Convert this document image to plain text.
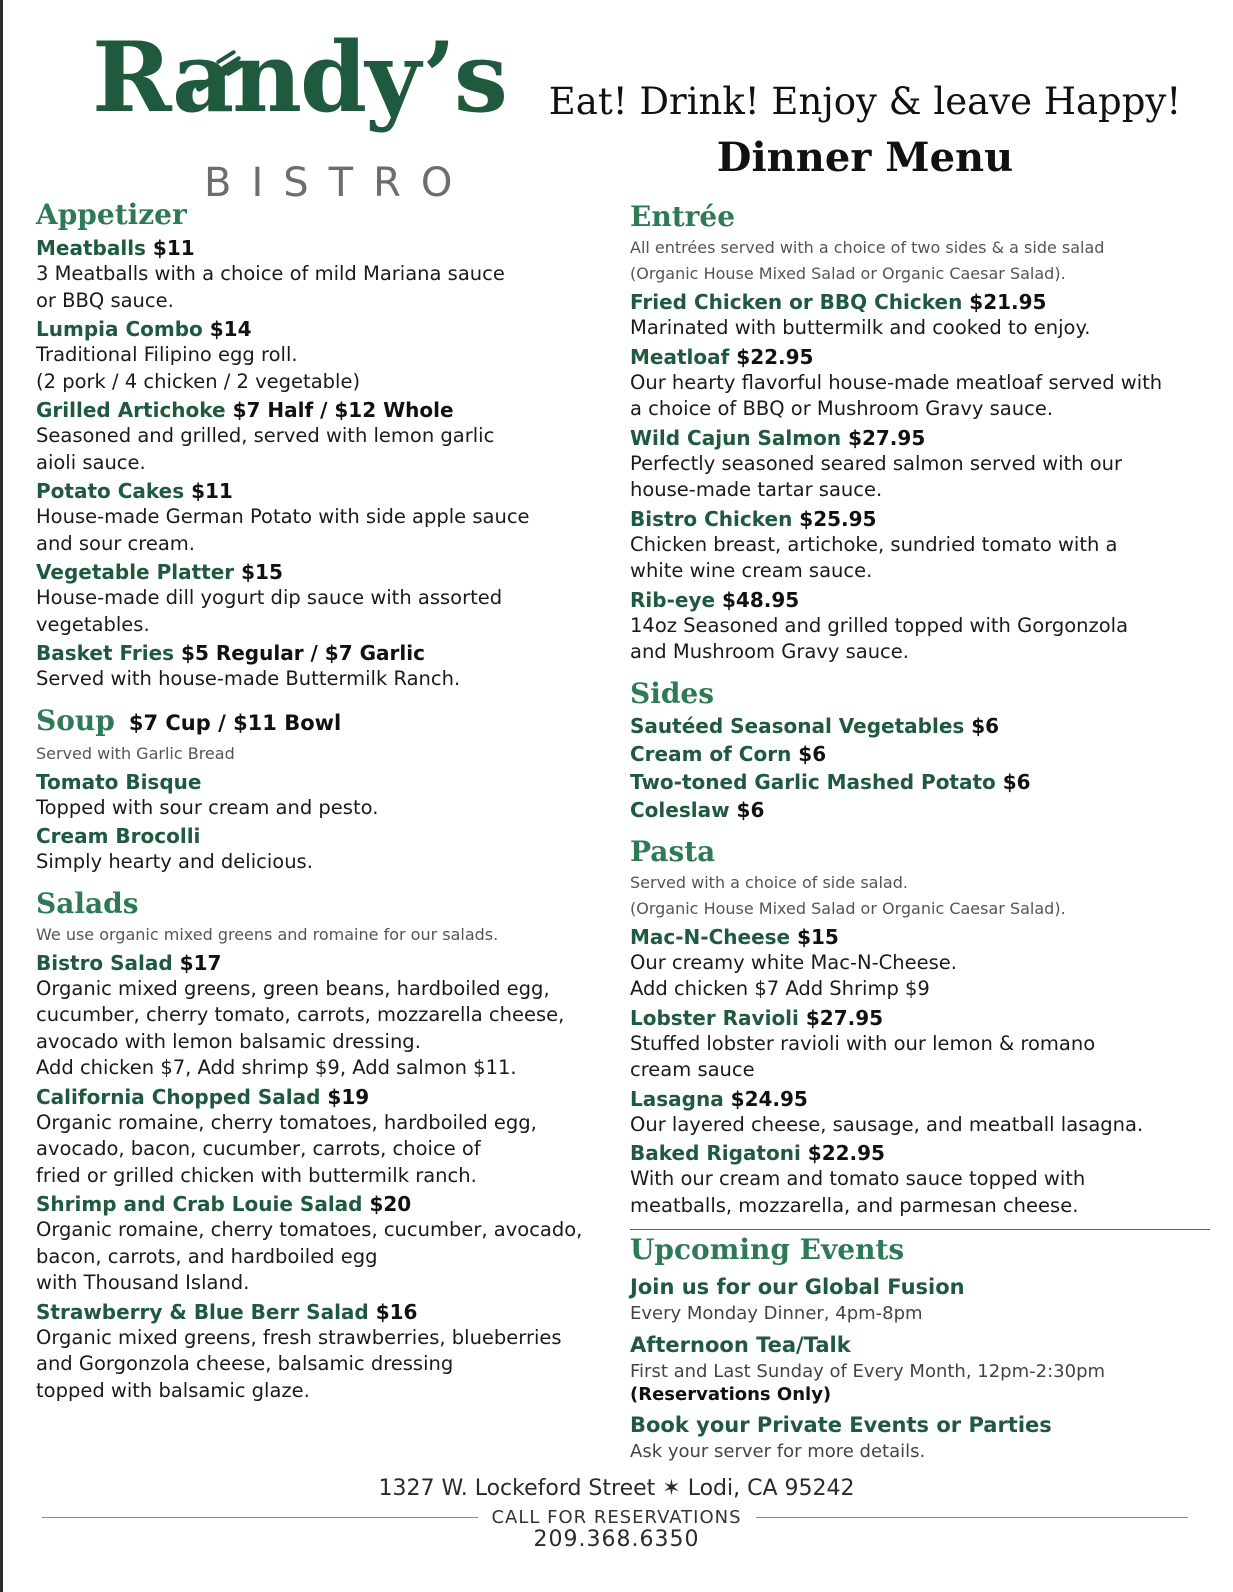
Randy’s
BISTRO
Eat! Drink! Enjoy & leave Happy!
Dinner Menu
Appetizer
Meatballs $11
3 Meatballs with a choice of mild Mariana sauce
or BBQ sauce.
Lumpia Combo $14
Traditional Filipino egg roll.
(2 pork / 4 chicken / 2 vegetable)
Grilled Artichoke $7 Half / $12 Whole
Seasoned and grilled, served with lemon garlic
aioli sauce.
Potato Cakes $11
House-made German Potato with side apple sauce
and sour cream.
Vegetable Platter $15
House-made dill yogurt dip sauce with assorted
vegetables.
Basket Fries $5 Regular / $7 Garlic
Served with house-made Buttermilk Ranch.
Soup $7 Cup / $11 Bowl
Served with Garlic Bread
Tomato Bisque
Topped with sour cream and pesto.
Cream Brocolli
Simply hearty and delicious.
Salads
We use organic mixed greens and romaine for our salads.
Bistro Salad $17
Organic mixed greens, green beans, hardboiled egg,
cucumber, cherry tomato, carrots, mozzarella cheese,
avocado with lemon balsamic dressing.
Add chicken $7, Add shrimp $9, Add salmon $11.
California Chopped Salad $19
Organic romaine, cherry tomatoes, hardboiled egg,
avocado, bacon, cucumber, carrots, choice of
fried or grilled chicken with buttermilk ranch.
Shrimp and Crab Louie Salad $20
Organic romaine, cherry tomatoes, cucumber, avocado,
bacon, carrots, and hardboiled egg
with Thousand Island.
Strawberry & Blue Berr Salad $16
Organic mixed greens, fresh strawberries, blueberries
and Gorgonzola cheese, balsamic dressing
topped with balsamic glaze.
Entrée
All entrées served with a choice of two sides & a side salad
(Organic House Mixed Salad or Organic Caesar Salad).
Fried Chicken or BBQ Chicken $21.95
Marinated with buttermilk and cooked to enjoy.
Meatloaf $22.95
Our hearty flavorful house-made meatloaf served with
a choice of BBQ or Mushroom Gravy sauce.
Wild Cajun Salmon $27.95
Perfectly seasoned seared salmon served with our
house-made tartar sauce.
Bistro Chicken $25.95
Chicken breast, artichoke, sundried tomato with a
white wine cream sauce.
Rib-eye $48.95
14oz Seasoned and grilled topped with Gorgonzola
and Mushroom Gravy sauce.
Sides
Sautéed Seasonal Vegetables $6
Cream of Corn $6
Two-toned Garlic Mashed Potato $6
Coleslaw $6
Pasta
Served with a choice of side salad.
(Organic House Mixed Salad or Organic Caesar Salad).
Mac-N-Cheese $15
Our creamy white Mac-N-Cheese.
Add chicken $7 Add Shrimp $9
Lobster Ravioli $27.95
Stuffed lobster ravioli with our lemon & romano
cream sauce
Lasagna $24.95
Our layered cheese, sausage, and meatball lasagna.
Baked Rigatoni $22.95
With our cream and tomato sauce topped with
meatballs, mozzarella, and parmesan cheese.
Upcoming Events
Join us for our Global Fusion
Every Monday Dinner, 4pm-8pm
Afternoon Tea/Talk
First and Last Sunday of Every Month, 12pm-2:30pm
(Reservations Only)
Book your Private Events or Parties
Ask your server for more details.
1327 W. Lockeford Street ✶ Lodi, CA 95242
CALL FOR RESERVATIONS
209.368.6350
